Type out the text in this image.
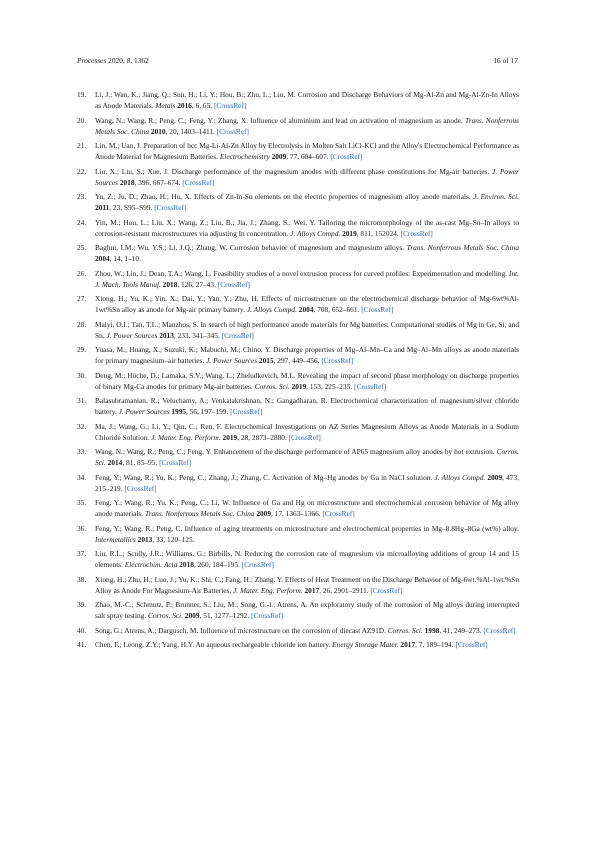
Processes 2020, 8, 1362	16 of 17
19.	Li, J.; Wan, K.; Jiang, Q.; Sun, H.; Li, Y.; Hou, B.; Zhu, L.; Liu, M. Corrosion and Discharge Behaviors of Mg-Al-Zn and Mg-Al-Zn-In Alloys as Anode Materials. Metals 2016, 6, 65. [CrossRef]
20.	Wang, N.; Wang, R.; Peng, C.; Feng, Y.; Zhang, X. Influence of aluminium and lead on activation of magnesium as anode. Trans. Nonferrous Metals Soc. China 2010, 20, 1403–1411. [CrossRef]
21.	Lin, M.; Uan, J. Preparation of bcc Mg-Li-Al-Zn Alloy by Electrolysis in Molten Salt LiCl-KCl and the Alloy's Electrochemical Performance as Anode Material for Magnesium Batteries. Electrochemistry 2009, 77, 604–607. [CrossRef]
22.	Liu, X.; Liu, S.; Xue, J. Discharge performance of the magnesium anodes with different phase constitutions for Mg-air batteries. J. Power Sources 2018, 396, 667–674. [CrossRef]
23.	Yu, Z.; Ju, D.; Zhao, H.; Hu, X. Effects of Zn-In-Sn elements on the electric properties of magnesium alloy anode materials. J. Environ. Sci. 2011, 23, S95–S99. [CrossRef]
24.	Yin, M.; Hou, L.; Liu, X.; Wang, Z.; Liu, B.; Jia, J.; Zhang, S.; Wei, Y. Tailoring the micromorphology of the as-cast Mg–Sn–In alloys to corrosion-resistant microstructures via adjusting In concentration. J. Alloys Compd. 2019, 811, 152024. [CrossRef]
25.	Baghni, I.M.; Wu, Y.S.; Li, J.Q.; Zhang, W. Corrosion behavior of magnesium and magnesium alloys. Trans. Nonferrous Metals Soc. China 2004, 14, 1–10.
26.	Zhou, W.; Lin, J.; Dean, T.A.; Wang, L. Feasibility studies of a novel extrusion process for curved profiles: Experimentation and modelling. Int. J. Mach. Tools Manuf. 2018, 126, 27–43. [CrossRef]
27.	Xiong, H.; Yu, K.; Yin, X.; Dai, Y.; Yan, Y.; Zhu, H. Effects of microstructure on the electrochemical discharge behavior of Mg-6wt%Al-1wt%Sn alloy as anode for Mg-air primary battery. J. Alloys Compd. 2004, 708, 652–661. [CrossRef]
28.	Malyi, O.I.; Tan, T.L.; Manzhos, S. In search of high performance anode materials for Mg batteries: Computational studies of Mg in Ge, Si, and Sn. J. Power Sources 2013, 233, 341–345. [CrossRef]
29.	Yuasa, M.; Huang, X.; Suzuki, K.; Mabuchi, M.; Chino, Y. Discharge properties of Mg–Al–Mn–Ca and Mg–Al–Mn alloys as anode materials for primary magnesium–air batteries. J. Power Sources 2015, 297, 449–456. [CrossRef]
30.	Deng, M.; Höche, D.; Lamaka, S.V.; Wang, L.; Zheludkevich, M.L. Revealing the impact of second phase morphology on discharge properties of binary Mg-Ca anodes for primary Mg-air batteries. Corros. Sci. 2019, 153, 225–235. [CrossRef]
31.	Balasubramanian, R.; Veluchamy, A.; Venkatakrishnan, N.; Gangadharan, R. Electrochemical characterization of magnesium/silver chloride battery. J. Power Sources 1995, 56, 197–199. [CrossRef]
32.	Ma, J.; Wang, G.; Li, Y.; Qin, C.; Ren, F. Electrochemical Investigations on AZ Series Magnesium Alloys as Anode Materials in a Sodium Chloride Solution. J. Mater. Eng. Perform. 2019, 28, 2873–2880. [CrossRef]
33.	Wang, N.; Wang, R.; Peng, C.; Feng, Y. Enhancement of the discharge performance of AP65 magnesium alloy anodes by hot extrusion. Corros. Sci. 2014, 81, 85–95. [CrossRef]
34.	Feng, Y.; Wang, R.; Yu, K.; Peng, C.; Zhang, J.; Zhang, C. Activation of Mg–Hg anodes by Ga in NaCl solution. J. Alloys Compd. 2009, 473, 215–219. [CrossRef]
35.	Feng, Y.; Wang, R.; Yu, K.; Peng, C.; Li, W. Influence of Ga and Hg on microstructure and electrochemical corrosion behavior of Mg alloy anode materials. Trans. Nonferrous Metals Soc. China 2009, 17, 1363–1366. [CrossRef]
36.	Feng, Y.; Wang, R.; Peng, C. Influence of aging treatments on microstructure and electrochemical properties in Mg–8.8Hg–8Ga (wt%) alloy. Intermetallics 2013, 33, 120–125.
37.	Liu, R.L.; Scully, J.R.; Williams, G.; Birbilis, N. Reducing the corrosion rate of magnesium via microalloying additions of group 14 and 15 elements. Electrochim. Acta 2018, 260, 184–195. [CrossRef]
38.	Xiong, H.; Zhu, H.; Luo, J.; Yu, K.; Shi, C.; Fang, H.; Zhang, Y. Effects of Heat Treatment on the Discharge Behavior of Mg-6wt.%Al-1wt.%Sn Alloy as Anode For Magnesium-Air Batteries. J. Mater. Eng. Perform. 2017, 26, 2901–2911. [CrossRef]
39.	Zhao, M.-C.; Schmutz, P.; Brunner, S.; Liu, M.; Song, G.-l.; Atrens, A. An exploratory study of the corrosion of Mg alloys during interrupted salt spray testing. Corros. Sci. 2009, 51, 1277–1292. [CrossRef]
40.	Song, G.; Atrens, A.; Dargusch, M. Influence of microstructure on the corrosion of diecast AZ91D. Corros. Sci. 1998, 41, 249–273. [CrossRef]
41.	Chen, F.; Leong, Z.Y.; Yang, H.Y. An aqueous rechargeable chloride ion battery. Energy Storage Mater. 2017, 7, 189–194. [CrossRef]
